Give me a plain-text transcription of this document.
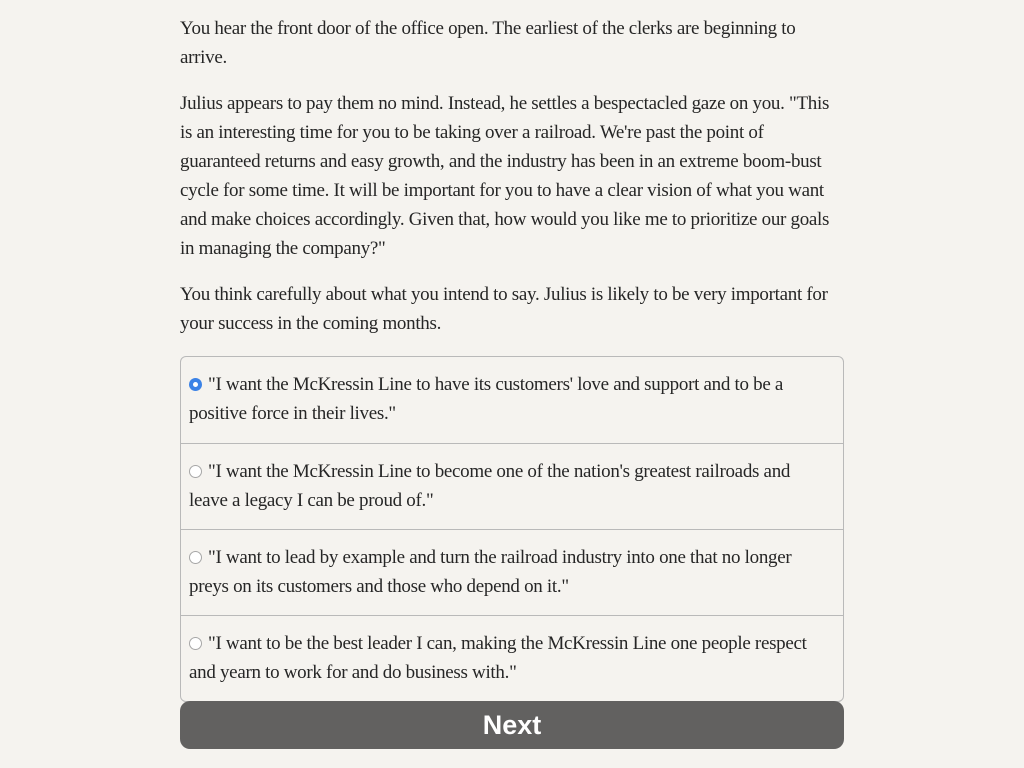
You hear the front door of the office open. The earliest of the clerks are beginning to arrive.

Julius appears to pay them no mind. Instead, he settles a bespectacled gaze on you. "This is an interesting time for you to be taking over a railroad. We're past the point of guaranteed returns and easy growth, and the industry has been in an extreme boom-bust cycle for some time. It will be important for you to have a clear vision of what you want and make choices accordingly. Given that, how would you like me to prioritize our goals in managing the company?"

You think carefully about what you intend to say. Julius is likely to be very important for your success in the coming months.

"I want the McKressin Line to have its customers' love and support and to be a positive force in their lives."
"I want the McKressin Line to become one of the nation's greatest railroads and leave a legacy I can be proud of."
"I want to lead by example and turn the railroad industry into one that no longer preys on its customers and those who depend on it."
"I want to be the best leader I can, making the McKressin Line one people respect and yearn to work for and do business with."
Next
